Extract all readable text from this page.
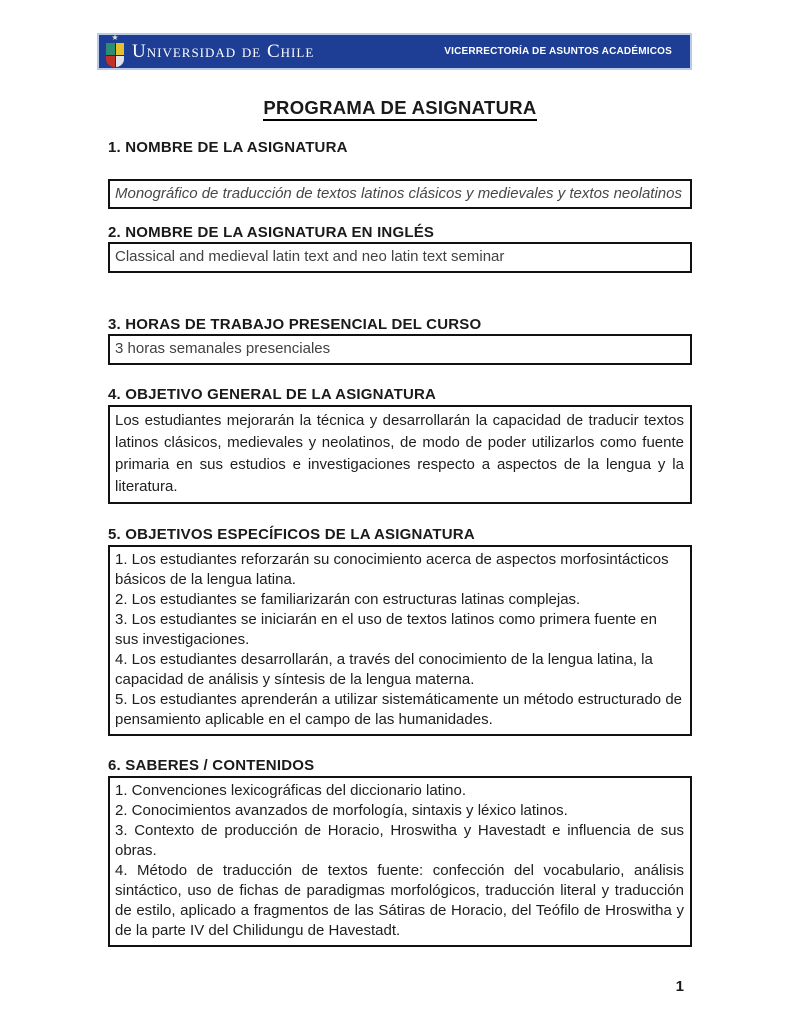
★
Universidad de Chile	VICERRECTORÍA DE ASUNTOS ACADÉMICOS
PROGRAMA DE ASIGNATURA
1. NOMBRE DE LA ASIGNATURA

Monográfico de traducción de textos latinos clásicos y medievales y textos neolatinos

2. NOMBRE DE LA ASIGNATURA EN INGLÉS

Classical and medieval latin text and neo latin text seminar

3. HORAS DE TRABAJO PRESENCIAL DEL CURSO

3 horas semanales presenciales

4. OBJETIVO GENERAL DE LA ASIGNATURA

Los estudiantes mejorarán la técnica y desarrollarán la capacidad de traducir textos latinos clásicos, medievales y neolatinos, de modo de poder utilizarlos como fuente primaria en sus estudios e investigaciones respecto a aspectos de la lengua y la literatura.

5. OBJETIVOS ESPECÍFICOS DE LA ASIGNATURA

1. Los estudiantes reforzarán su conocimiento acerca de aspectos morfosintácticos básicos de la lengua latina.

2. Los estudiantes se familiarizarán con estructuras latinas complejas.

3. Los estudiantes se iniciarán en el uso de textos latinos como primera fuente en sus investigaciones.

4. Los estudiantes desarrollarán, a través del conocimiento de la lengua latina, la capacidad de análisis y síntesis de la lengua materna.

5. Los estudiantes aprenderán a utilizar sistemáticamente un método estructurado de pensamiento aplicable en el campo de las humanidades.

6. SABERES / CONTENIDOS

1. Convenciones lexicográficas del diccionario latino.

2. Conocimientos avanzados de morfología, sintaxis y léxico latinos.

3. Contexto de producción de Horacio, Hroswitha y Havestadt e influencia de sus obras.

4. Método de traducción de textos fuente: confección del vocabulario, análisis sintáctico, uso de fichas de paradigmas morfológicos, traducción literal y traducción de estilo, aplicado a fragmentos de las Sátiras de Horacio, del Teófilo de Hroswitha y de la parte IV del Chilidungu de Havestadt.

1
